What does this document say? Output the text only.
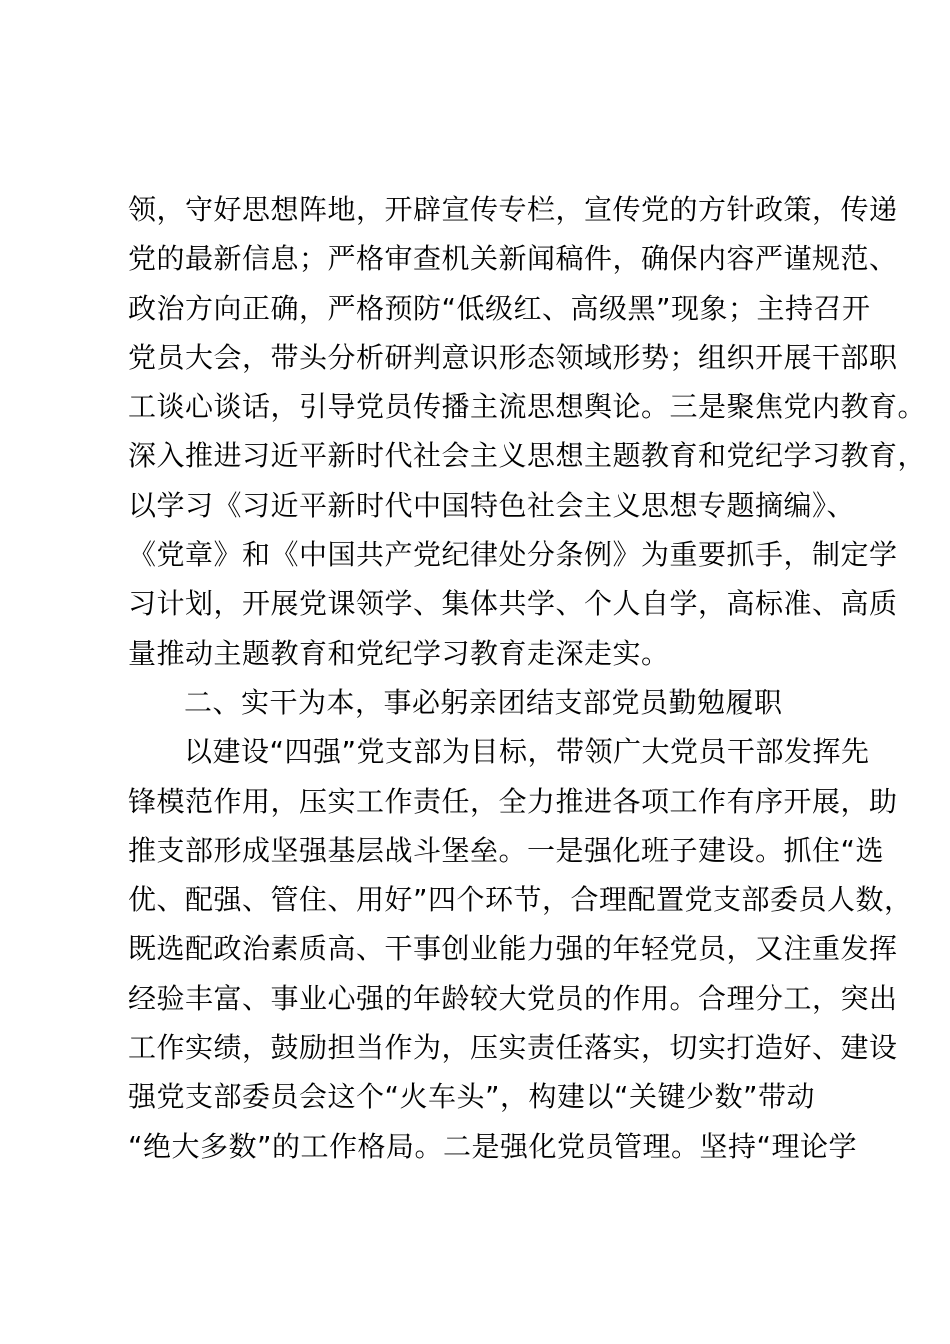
领，守好思想阵地，开辟宣传专栏，宣传党的方针政策，传递
党的最新信息；严格审查机关新闻稿件，确保内容严谨规范、
政治方向正确，严格预防“低级红、高级黑”现象；主持召开
党员大会，带头分析研判意识形态领域形势；组织开展干部职
工谈心谈话，引导党员传播主流思想舆论。三是聚焦党内教育。
深入推进习近平新时代社会主义思想主题教育和党纪学习教育，
以学习《习近平新时代中国特色社会主义思想专题摘编》、
《党章》和《中国共产党纪律处分条例》为重要抓手，制定学
习计划，开展党课领学、集体共学、个人自学，高标准、高质
量推动主题教育和党纪学习教育走深走实。
二、实干为本，事必躬亲团结支部党员勤勉履职
以建设“四强”党支部为目标，带领广大党员干部发挥先
锋模范作用，压实工作责任，全力推进各项工作有序开展，助
推支部形成坚强基层战斗堡垒。一是强化班子建设。抓住“选
优、配强、管住、用好”四个环节，合理配置党支部委员人数，
既选配政治素质高、干事创业能力强的年轻党员，又注重发挥
经验丰富、事业心强的年龄较大党员的作用。合理分工，突出
工作实绩，鼓励担当作为，压实责任落实，切实打造好、建设
强党支部委员会这个“火车头”，构建以“关键少数”带动
“绝大多数”的工作格局。二是强化党员管理。坚持“理论学
